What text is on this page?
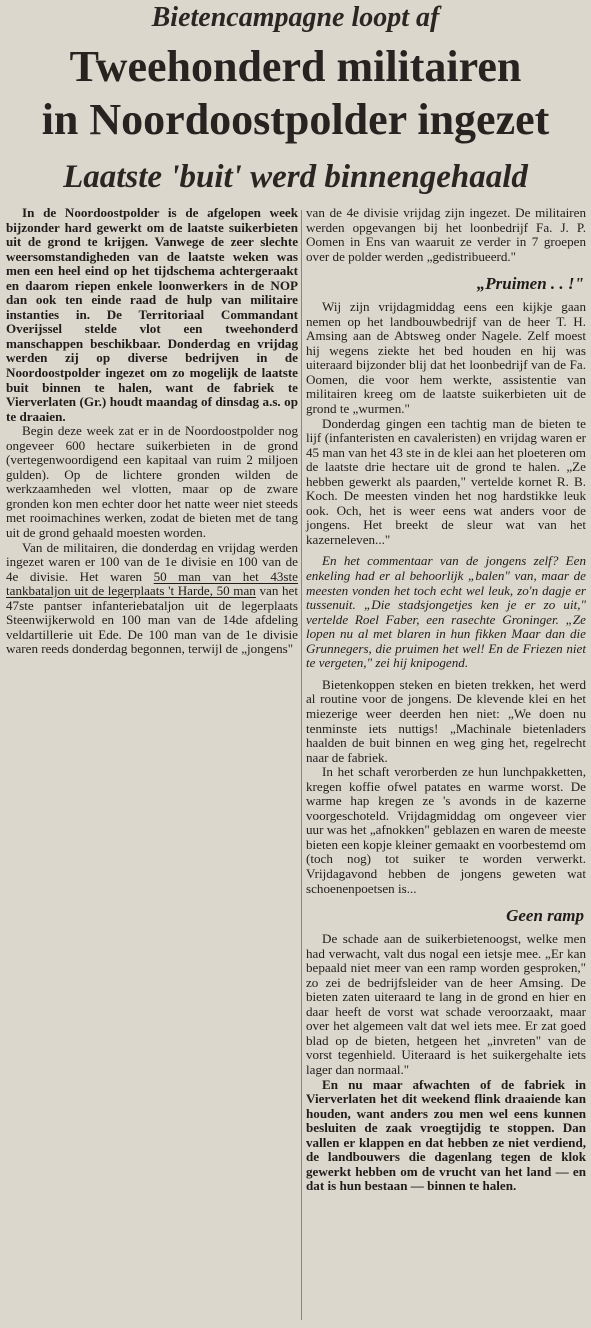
Bietencampagne loopt af
Tweehonderd militairen
in Noordoostpolder ingezet
Laatste 'buit' werd binnengehaald

In de Noordoostpolder is de afgelopen week bijzonder hard gewerkt om de laatste suikerbieten uit de grond te krijgen. Vanwege de zeer slechte weersomstandigheden van de laatste weken was men een heel eind op het tijdschema achtergeraakt en daarom riepen enkele loonwerkers in de NOP dan ook ten einde raad de hulp van militaire instanties in. De Territoriaal Commandant Overijssel stelde vlot een tweehonderd manschappen beschikbaar. Donderdag en vrijdag werden zij op diverse bedrijven in de Noordoostpolder ingezet om zo mogelijk de laatste buit binnen te halen, want de fabriek te Vierverlaten (Gr.) houdt maandag of dinsdag a.s. op te draaien.

Begin deze week zat er in de Noordoostpolder nog ongeveer 600 hectare suikerbieten in de grond (vertegenwoordigend een kapitaal van ruim 2 miljoen gulden). Op de lichtere gronden wilden de werkzaamheden wel vlotten, maar op de zware gronden kon men echter door het natte weer niet steeds met rooimachines werken, zodat de bieten met de tang uit de grond gehaald moesten worden.

Van de militairen, die donderdag en vrijdag werden ingezet waren er 100 van de 1e divisie en 100 van de 4e divisie. Het waren 50 man van het 43ste tankbataljon uit de legerplaats 't Harde, 50 man van het 47ste pantser infanteriebataljon uit de legerplaats Steenwijkerwold en 100 man van de 14de afdeling veldartillerie uit Ede. De 100 man van de 1e divisie waren reeds donderdag begonnen, terwijl de „jongens"

van de 4e divisie vrijdag zijn ingezet. De militairen werden opgevangen bij het loonbedrijf Fa. J. P. Oomen in Ens van waaruit ze verder in 7 groepen over de polder werden „gedistribueerd."

„Pruimen . . !"

Wij zijn vrijdagmiddag eens een kijkje gaan nemen op het landbouwbedrijf van de heer T. H. Amsing aan de Abtsweg onder Nagele. Zelf moest hij wegens ziekte het bed houden en hij was uiteraard bijzonder blij dat het loonbedrijf van de Fa. Oomen, die voor hem werkte, assistentie van militairen kreeg om de laatste suikerbieten uit de grond te „wurmen."

Donderdag gingen een tachtig man de bieten te lijf (infanteristen en cavaleristen) en vrijdag waren er 45 man van het 43 ste in de klei aan het ploeteren om de laatste drie hectare uit de grond te halen. „Ze hebben gewerkt als paarden," vertelde kornet R. B. Koch. De meesten vinden het nog hardstikke leuk ook. Och, het is weer eens wat anders voor de jongens. Het breekt de sleur wat van het kazerneleven..."

En het commentaar van de jongens zelf? Een enkeling had er al behoorlijk „balen" van, maar de meesten vonden het toch echt wel leuk, zo'n dagje er tussenuit. „Die stadsjongetjes ken je er zo uit," vertelde Roel Faber, een rasechte Groninger. „Ze lopen nu al met blaren in hun fikken Maar dan die Grunnegers, die pruimen het wel! En de Friezen niet te vergeten," zei hij knipogend.

Bietenkoppen steken en bieten trekken, het werd al routine voor de jongens. De klevende klei en het miezerige weer deerden hen niet: „We doen nu tenminste iets nuttigs! „Machinale bietenladers haalden de buit binnen en weg ging het, regelrecht naar de fabriek.

In het schaft verorberden ze hun lunchpakketten, kregen koffie ofwel patates en warme worst. De warme hap kregen ze 's avonds in de kazerne voorgeschoteld. Vrijdagmiddag om ongeveer vier uur was het „afnokken" geblazen en waren de meeste bieten een kopje kleiner gemaakt en voorbestemd om (toch nog) tot suiker te worden verwerkt. Vrijdagavond hebben de jongens geweten wat schoenenpoetsen is...

Geen ramp

De schade aan de suikerbietenoogst, welke men had verwacht, valt dus nogal een ietsje mee. „Er kan bepaald niet meer van een ramp worden gesproken," zo zei de bedrijfsleider van de heer Amsing. De bieten zaten uiteraard te lang in de grond en hier en daar heeft de vorst wat schade veroorzaakt, maar over het algemeen valt dat wel iets mee. Er zat goed blad op de bieten, hetgeen het „invreten" van de vorst tegenhield. Uiteraard is het suikergehalte iets lager dan normaal."

En nu maar afwachten of de fabriek in Vierverlaten het dit weekend flink draaiende kan houden, want anders zou men wel eens kunnen besluiten de zaak vroegtijdig te stoppen. Dan vallen er klappen en dat hebben ze niet verdiend, de landbouwers die dagenlang tegen de klok gewerkt hebben om de vrucht van het land — en dat is hun bestaan — binnen te halen.
